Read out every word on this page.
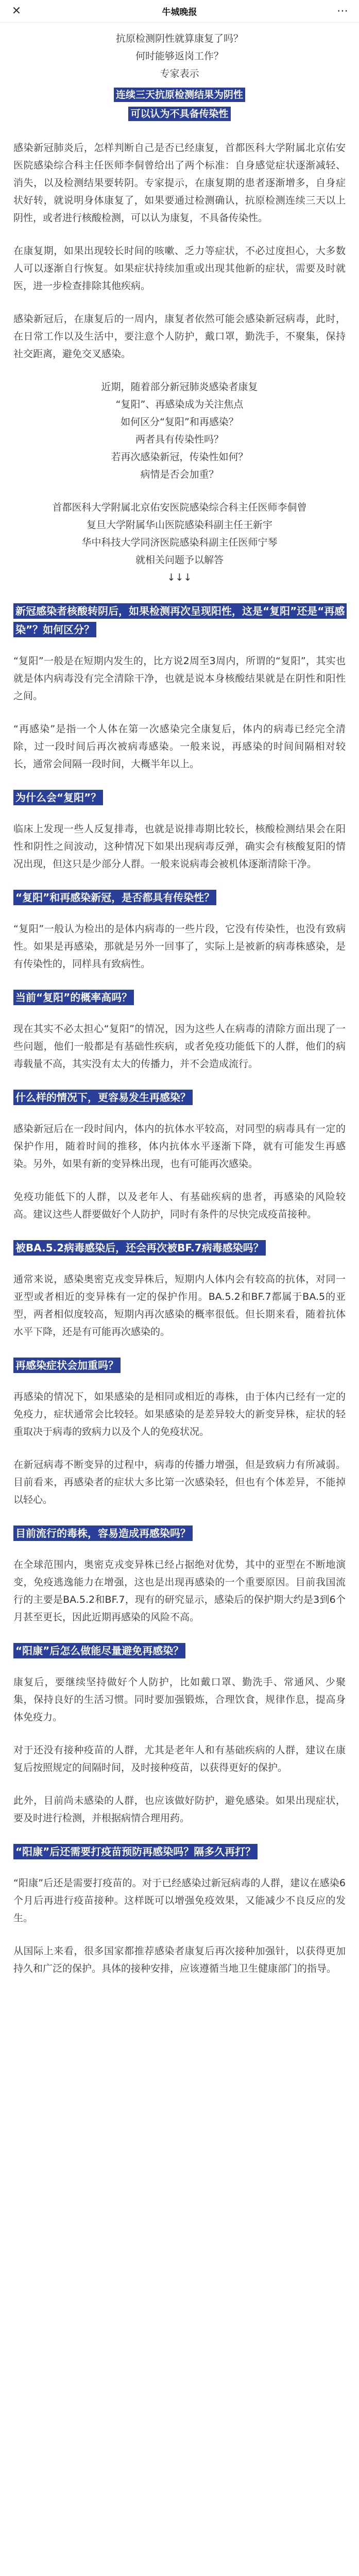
✕	牛城晚报	⋯
抗原检测阴性就算康复了吗？
何时能够返岗工作？
专家表示
连续三天抗原检测结果为阴性
可以认为不具备传染性

感染新冠肺炎后，怎样判断自己是否已经康复，首都医科大学附属北京佑安医院感染综合科主任医师李侗曾给出了两个标准：自身感觉症状逐渐减轻、消失，以及检测结果要转阴。专家提示，在康复期的患者逐渐增多，自身症状好转，就说明身体康复了，如果要通过检测确认，抗原检测连续三天以上阴性，或者进行核酸检测，可以认为康复，不具备传染性。

在康复期，如果出现较长时间的咳嗽、乏力等症状，不必过度担心，大多数人可以逐渐自行恢复。如果症状持续加重或出现其他新的症状，需要及时就医，进一步检查排除其他疾病。

感染新冠后，在康复后的一周内，康复者依然可能会感染新冠病毒，此时，在日常工作以及生活中，要注意个人防护，戴口罩，勤洗手，不聚集，保持社交距离，避免交叉感染。

近期，随着部分新冠肺炎感染者康复
“复阳”、再感染成为关注焦点
如何区分“复阳”和再感染？
两者具有传染性吗？
若再次感染新冠，传染性如何？
病情是否会加重？
首都医科大学附属北京佑安医院感染综合科主任医师李侗曾
复旦大学附属华山医院感染科副主任王新宇
华中科技大学同济医院感染科副主任医师宁琴
就相关问题予以解答
↓↓↓
新冠感染者核酸转阴后，如果检测再次呈现阳性，这是“复阳”还是“再感染”？如何区分？

“复阳”一般是在短期内发生的，比方说2周至3周内，所谓的“复阳”，其实也就是体内病毒没有完全清除干净，也就是说本身核酸结果就是在阴性和阳性之间。

“再感染”是指一个人体在第一次感染完全康复后，体内的病毒已经完全清除，过一段时间后再次被病毒感染。一般来说，再感染的时间间隔相对较长，通常会间隔一段时间，大概半年以上。

为什么会“复阳”？

临床上发现一些人反复排毒，也就是说排毒期比较长，核酸检测结果会在阳性和阴性之间波动，这种情况下如果出现病毒反弹，确实会有核酸复阳的情况出现，但这只是少部分人群。一般来说病毒会被机体逐渐清除干净。

“复阳”和再感染新冠，是否都具有传染性？

“复阳”一般认为检出的是体内病毒的一些片段，它没有传染性，也没有致病性。如果是再感染，那就是另外一回事了，实际上是被新的病毒株感染，是有传染性的，同样具有致病性。

当前“复阳”的概率高吗？

现在其实不必太担心“复阳”的情况，因为这些人在病毒的清除方面出现了一些问题，他们一般都是有基础性疾病，或者免疫功能低下的人群，他们的病毒载量不高，其实没有太大的传播力，并不会造成流行。

什么样的情况下，更容易发生再感染？

感染新冠后在一段时间内，体内的抗体水平较高，对同型的病毒具有一定的保护作用，随着时间的推移，体内抗体水平逐渐下降，就有可能发生再感染。另外，如果有新的变异株出现，也有可能再次感染。

免疫功能低下的人群，以及老年人、有基础疾病的患者，再感染的风险较高。建议这些人群要做好个人防护，同时有条件的尽快完成疫苗接种。

被BA.5.2病毒感染后，还会再次被BF.7病毒感染吗？

通常来说，感染奥密克戎变异株后，短期内人体内会有较高的抗体，对同一亚型或者相近的变异株有一定的保护作用。BA.5.2和BF.7都属于BA.5的亚型，两者相似度较高，短期内再次感染的概率很低。但长期来看，随着抗体水平下降，还是有可能再次感染的。

再感染症状会加重吗？

再感染的情况下，如果感染的是相同或相近的毒株，由于体内已经有一定的免疫力，症状通常会比较轻。如果感染的是差异较大的新变异株，症状的轻重取决于病毒的致病力以及个人的免疫状况。

在新冠病毒不断变异的过程中，病毒的传播力增强，但是致病力有所减弱。目前看来，再感染者的症状大多比第一次感染轻，但也有个体差异，不能掉以轻心。

目前流行的毒株，容易造成再感染吗？

在全球范围内，奥密克戎变异株已经占据绝对优势，其中的亚型在不断地演变，免疫逃逸能力在增强，这也是出现再感染的一个重要原因。目前我国流行的主要是BA.5.2和BF.7，现有的研究显示，感染后的保护期大约是3到6个月甚至更长，因此近期再感染的风险不高。

“阳康”后怎么做能尽量避免再感染？

康复后，要继续坚持做好个人防护，比如戴口罩、勤洗手、常通风、少聚集，保持良好的生活习惯。同时要加强锻炼，合理饮食，规律作息，提高身体免疫力。

对于还没有接种疫苗的人群，尤其是老年人和有基础疾病的人群，建议在康复后按照规定的间隔时间，及时接种疫苗，以获得更好的保护。

此外，目前尚未感染的人群，也应该做好防护，避免感染。如果出现症状，要及时进行检测，并根据病情合理用药。

“阳康”后还需要打疫苗预防再感染吗？隔多久再打？

“阳康”后还是需要打疫苗的。对于已经感染过新冠病毒的人群，建议在感染6个月后再进行疫苗接种。这样既可以增强免疫效果，又能减少不良反应的发生。

从国际上来看，很多国家都推荐感染者康复后再次接种加强针，以获得更加持久和广泛的保护。具体的接种安排，应该遵循当地卫生健康部门的指导。
